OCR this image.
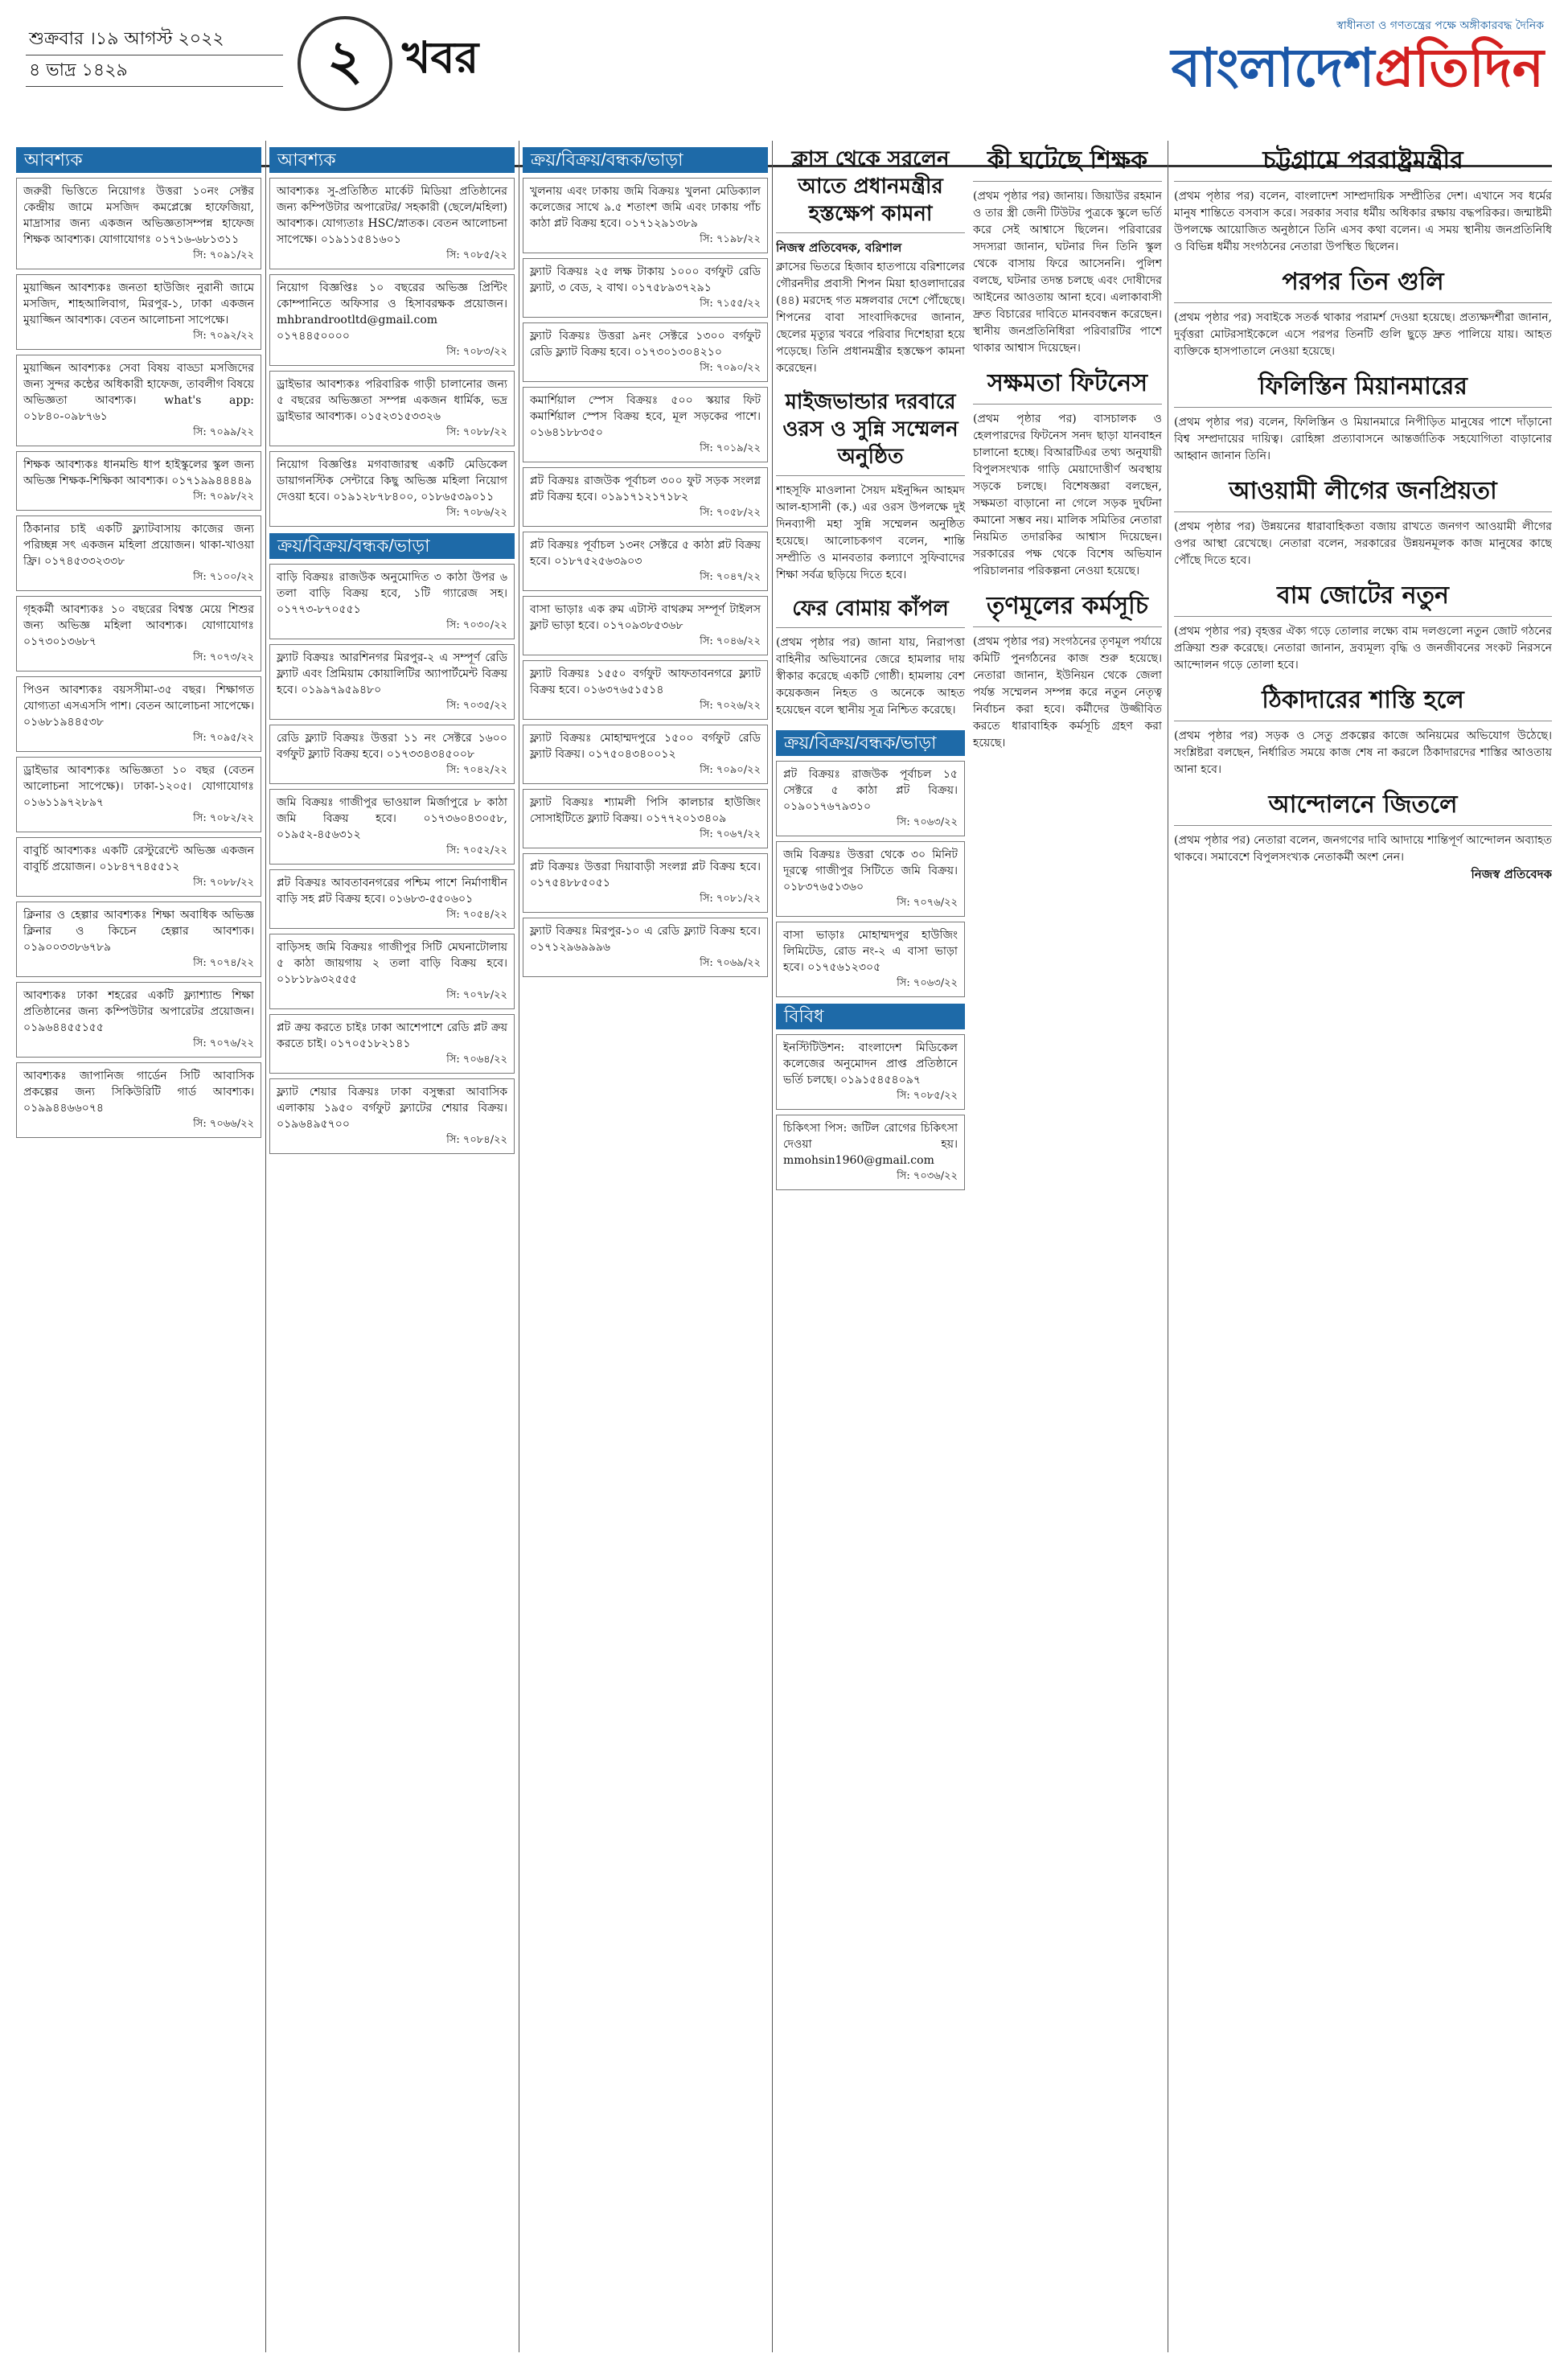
শুক্রবার ।১৯ আগস্ট ২০২২
৪ ভাদ্র ১৪২৯	২ খবর
স্বাধীনতা ও গণতন্ত্রের পক্ষে অঙ্গীকারবদ্ধ দৈনিক
বাংলাদেশপ্রতিদিন
আবশ্যক
জরুরী ভিত্তিতে নিয়োগঃ উত্তরা ১০নং সেক্টর কেন্দ্রীয় জামে মসজিদ কমপ্লেক্সে হাফেজিয়া, মাদ্রাসার জন্য একজন অভিজ্ঞতাসম্পন্ন হাফেজ শিক্ষক আবশ্যক। যোগাযোগঃ ০১৭১৬-৬৮১৩১১
সি: ৭০৯১/২২
মুয়াজ্জিন আবশ্যকঃ জনতা হাউজিং নুরানী জামে মসজিদ, শাহআলিবাগ, মিরপুর-১, ঢাকা একজন মুয়াজ্জিন আবশ্যক। বেতন আলোচনা সাপেক্ষে।
সি: ৭০৯২/২২
মুয়াজ্জিন আবশ্যকঃ সেবা বিষয় বাড্ডা মসজিদের জন্য সুন্দর কন্ঠের অধিকারী হাফেজ, তাবলীগ বিষয়ে অভিজ্ঞতা আবশ্যক। what's app: ০১৮৪০-০৯৮৭৬১
সি: ৭০৯৯/২২
শিক্ষক আবশ্যকঃ ধানমন্ডি ধাপ হাইস্কুলের স্কুল জন্য অভিজ্ঞ শিক্ষক-শিক্ষিকা আবশ্যক। ০১৭১৯৯৪৪৪৪৯
সি: ৭০৯৮/২২
ঠিকানার চাই একটি ফ্ল্যাটবাসায় কাজের জন্য পরিচ্ছন্ন সৎ একজন মহিলা প্রয়োজন। থাকা-খাওয়া ফ্রি। ০১৭৪৫৩৩২৩৩৮
সি: ৭১০০/২২
গৃহকর্মী আবশ্যকঃ ১০ বছরের বিশ্বস্ত মেয়ে শিশুর জন্য অভিজ্ঞ মহিলা আবশ্যক। যোগাযোগঃ ০১৭৩০১৩৬৮৭
সি: ৭০৭৩/২২
পিওন আবশ্যকঃ বয়সসীমা-৩৫ বছর। শিক্ষাগত যোগ্যতা এসএসসি পাশ। বেতন আলোচনা সাপেক্ষে। ০১৬৮১৯৪৪৫৩৮
সি: ৭০৯৫/২২
ড্রাইভার আবশ্যকঃ অভিজ্ঞতা ১০ বছর (বেতন আলোচনা সাপেক্ষে)। ঢাকা-১২০৫। যোগাযোগঃ ০১৬১১৯৭২৮৯৭
সি: ৭০৮২/২২
বাবুর্চি আবশ্যকঃ একটি রেস্টুরেন্টে অভিজ্ঞ একজন বাবুর্চি প্রয়োজন। ০১৮৪৭৭৪৫৫১২
সি: ৭০৮৮/২২
ক্লিনার ও হেল্পার আবশ্যকঃ শিক্ষা অবাধিক অভিজ্ঞ ক্লিনার ও কিচেন হেল্পার আবশ্যক। ০১৯০০৩৩৮৬৭৮৯
সি: ৭০৭৪/২২
আবশ্যকঃ ঢাকা শহরের একটি ফ্ল্যাশ্যান্ড শিক্ষা প্রতিষ্ঠানের জন্য কম্পিউটার অপারেটর প্রয়োজন। ০১৯৬৪৪৫৫১৫৫
সি: ৭০৭৬/২২
আবশ্যকঃ জাপানিজ গার্ডেন সিটি আবাসিক প্রকল্পের জন্য সিকিউরিটি গার্ড আবশ্যক। ০১৯৯৪৪৬৬০৭৪
সি: ৭০৬৬/২২
আবশ্যক
আবশ্যকঃ সু-প্রতিষ্ঠিত মার্কেট মিডিয়া প্রতিষ্ঠানের জন্য কম্পিউটার অপারেটর/ সহকারী (ছেলে/মহিলা) আবশ্যক। যোগ্যতাঃ HSC/স্নাতক। বেতন আলোচনা সাপেক্ষে। ০১৯১১৫৪১৬০১
সি: ৭০৮৫/২২
নিয়োগ বিজ্ঞপ্তিঃ ১০ বছরের অভিজ্ঞ প্রিন্টিং কোম্পানিতে অফিসার ও হিসাবরক্ষক প্রয়োজন। mhbrandrootltd@gmail.com ০১৭৪৪৫০০০০
সি: ৭০৮৩/২২
ড্রাইভার আবশ্যকঃ পরিবারিক গাড়ী চালানোর জন্য ৫ বছরের অভিজ্ঞতা সম্পন্ন একজন ধার্মিক, ভদ্র ড্রাইভার আবশ্যক। ০১৫২৩১৫৩৩২৬
সি: ৭০৮৮/২২
নিয়োগ বিজ্ঞপ্তিঃ মগবাজারস্থ একটি মেডিকেল ডায়াগনস্টিক সেন্টারে কিছু অভিজ্ঞ মহিলা নিয়োগ দেওয়া হবে। ০১৯১২৮৭৮৪০০, ০১৮৬৫৩৯০১১
সি: ৭০৮৬/২২
ক্রয়/বিক্রয়/বন্ধক/ভাড়া
বাড়ি বিক্রয়ঃ রাজউক অনুমোদিত ৩ কাঠা উপর ৬ তলা বাড়ি বিক্রয় হবে, ১টি গ্যারেজ সহ। ০১৭৭৩-৮৭০৫৫১
সি: ৭০৩০/২২
ফ্ল্যাট বিক্রয়ঃ আরশিনগর মিরপুর-২ এ সম্পূর্ণ রেডি ফ্ল্যাট এবং প্রিমিয়াম কোয়ালিটির অ্যাপার্টমেন্ট বিক্রয় হবে। ০১৯৯৭৯৫৯৪৮০
সি: ৭০৩৫/২২
রেডি ফ্ল্যাট বিক্রয়ঃ উত্তরা ১১ নং সেক্টরে ১৬০০ বর্গফুট ফ্ল্যাট বিক্রয় হবে। ০১৭৩৩৪৩৪৫০০৮
সি: ৭০৪২/২২
জমি বিক্রয়ঃ গাজীপুর ভাওয়াল মির্জাপুরে ৮ কাঠা জমি বিক্রয় হবে। ০১৭৩৬০৪৩০৫৮, ০১৯৫২-৪৫৬৩১২
সি: ৭০৫২/২২
প্লট বিক্রয়ঃ আবতাবনগরের পশ্চিম পাশে নির্মাণাধীন বাড়ি সহ প্লট বিক্রয় হবে। ০১৬৮৩-৫৫০৬০১
সি: ৭০৫৪/২২
বাড়িসহ জমি বিক্রয়ঃ গাজীপুর সিটি মেঘনাটোলায় ৫ কাঠা জায়গায় ২ তলা বাড়ি বিক্রয় হবে। ০১৮১৮৯৩২৫৫৫
সি: ৭০৭৮/২২
প্লট ক্রয় করতে চাইঃ ঢাকা আশেপাশে রেডি প্লট ক্রয় করতে চাই। ০১৭০৫১৮২১৪১
সি: ৭০৬৪/২২
ফ্ল্যাট শেয়ার বিক্রয়ঃ ঢাকা বসুন্ধরা আবাসিক এলাকায় ১৯৫০ বর্গফুট ফ্ল্যাটের শেয়ার বিক্রয়। ০১৯৬৪৯৫৭০০
সি: ৭০৮৪/২২
ক্রয়/বিক্রয়/বন্ধক/ভাড়া
খুলনায় এবং ঢাকায় জমি বিক্রয়ঃ খুলনা মেডিক্যাল কলেজের সাথে ৯.৫ শতাংশ জমি এবং ঢাকায় পাঁচ কাঠা প্লট বিক্রয় হবে। ০১৭১২৯১৩৮৯
সি: ৭১৯৮/২২
ফ্ল্যাট বিক্রয়ঃ ২৫ লক্ষ টাকায় ১০০০ বর্গফুট রেডি ফ্ল্যাট, ৩ বেড, ২ বাথ। ০১৭৫৮৯৩৭২৯১
সি: ৭১৫৫/২২
ফ্ল্যাট বিক্রয়ঃ উত্তরা ৯নং সেক্টরে ১৩০০ বর্গফুট রেডি ফ্ল্যাট বিক্রয় হবে। ০১৭৩০১৩০৪২১০
সি: ৭০৯০/২২
কমার্শিয়াল স্পেস বিক্রয়ঃ ৫০০ স্কয়ার ফিট কমার্শিয়াল স্পেস বিক্রয় হবে, মূল সড়কের পাশে। ০১৬৪১৮৮৩৫০
সি: ৭০১৯/২২
প্লট বিক্রয়ঃ রাজউক পূর্বাচল ৩০০ ফুট সড়ক সংলগ্ন প্লট বিক্রয় হবে। ০১৯১৭১২১৭১৮২
সি: ৭০৫৮/২২
প্লট বিক্রয়ঃ পূর্বাচল ১৩নং সেক্টরে ৫ কাঠা প্লট বিক্রয় হবে। ০১৮৭৫২৫৬৩৯০৩
সি: ৭০৪৭/২২
বাসা ভাড়াঃ এক রুম এটাস্ট বাথরুম সম্পূর্ণ টাইলস ফ্লাট ভাড়া হবে। ০১৭০৯৩৮৫৩৬৮
সি: ৭০৪৬/২২
ফ্ল্যাট বিক্রয়ঃ ১৫৫০ বর্গফুট আফতাবনগরে ফ্ল্যাট বিক্রয় হবে। ০১৬৩৭৬৫১৫১৪
সি: ৭০২৬/২২
ফ্ল্যাট বিক্রয়ঃ মোহাম্মদপুরে ১৫০০ বর্গফুট রেডি ফ্ল্যাট বিক্রয়। ০১৭৫০৪৩৪০০১২
সি: ৭০৯০/২২
ফ্ল্যাট বিক্রয়ঃ শ্যামলী পিসি কালচার হাউজিং সোসাইটিতে ফ্ল্যাট বিক্রয়। ০১৭৭২০১৩৪০৯
সি: ৭০৬৭/২২
প্লট বিক্রয়ঃ উত্তরা দিয়াবাড়ী সংলগ্ন প্লট বিক্রয় হবে। ০১৭৫৪৮৮৫০৫১
সি: ৭০৮১/২২
ফ্ল্যাট বিক্রয়ঃ মিরপুর-১০ এ রেডি ফ্ল্যাট বিক্রয় হবে। ০১৭১২৯৬৯৯৯৬
সি: ৭০৬৯/২২
ক্লাস থেকে সরলেন আতে প্রধানমন্ত্রীর হস্তক্ষেপ কামনা
নিজস্ব প্রতিবেদক, বরিশাল
ক্লাসের ভিতরে হিজাব হাতপায়ে বরিশালের গৌরনদীর প্রবাসী শিপন মিয়া হাওলাদারের (৪৪) মরদেহ গত মঙ্গলবার দেশে পৌঁছেছে। শিপনের বাবা সাংবাদিকদের জানান, ছেলের মৃত্যুর খবরে পরিবার দিশেহারা হয়ে পড়েছে। তিনি প্রধানমন্ত্রীর হস্তক্ষেপ কামনা করেছেন।
মাইজভান্ডার দরবারে ওরস ও সুন্নি সম্মেলন অনুষ্ঠিত
শাহসূফি মাওলানা সৈয়দ মইনুদ্দিন আহমদ আল-হাসানী (ক.) এর ওরস উপলক্ষে দুই দিনব্যাপী মহা সুন্নি সম্মেলন অনুষ্ঠিত হয়েছে। আলোচকগণ বলেন, শান্তি সম্প্রীতি ও মানবতার কল্যাণে সুফিবাদের শিক্ষা সর্বত্র ছড়িয়ে দিতে হবে।
ফের বোমায় কাঁপল
(প্রথম পৃষ্ঠার পর) জানা যায়, নিরাপত্তা বাহিনীর অভিযানের জেরে হামলার দায় স্বীকার করেছে একটি গোষ্ঠী। হামলায় বেশ কয়েকজন নিহত ও অনেকে আহত হয়েছেন বলে স্থানীয় সূত্র নিশ্চিত করেছে।
ক্রয়/বিক্রয়/বন্ধক/ভাড়া
প্লট বিক্রয়ঃ রাজউক পূর্বাচল ১৫ সেক্টরে ৫ কাঠা প্লট বিক্রয়। ০১৯০১৭৬৭৯৩১০
সি: ৭০৬৩/২২
জমি বিক্রয়ঃ উত্তরা থেকে ৩০ মিনিট দূরত্বে গাজীপুর সিটিতে জমি বিক্রয়। ০১৮৩৭৬৫১৩৬০
সি: ৭০৭৬/২২
বাসা ভাড়াঃ মোহাম্মদপুর হাউজিং লিমিটেড, রোড নং-২ এ বাসা ভাড়া হবে। ০১৭৫৬১২৩০৫
সি: ৭০৬৩/২২
বিবিধ
ইনস্টিটিউশন: বাংলাদেশ মিডিকেল কলেজের অনুমোদন প্রাপ্ত প্রতিষ্ঠানে ভর্তি চলছে। ০১৯১৫৪৫৪০৯৭
সি: ৭০৮৫/২২
চিকিৎসা পিস: জটিল রোগের চিকিৎসা দেওয়া হয়। mmohsin1960@gmail.com
সি: ৭০৩৬/২২
কী ঘটেছে শিক্ষক
(প্রথম পৃষ্ঠার পর) জানায়। জিয়াউর রহমান ও তার স্ত্রী জেনী টিউটর পুত্রকে স্কুলে ভর্তি করে সেই আশ্বাসে ছিলেন। পরিবারের সদস্যরা জানান, ঘটনার দিন তিনি স্কুল থেকে বাসায় ফিরে আসেননি। পুলিশ বলছে, ঘটনার তদন্ত চলছে এবং দোষীদের আইনের আওতায় আনা হবে। এলাকাবাসী দ্রুত বিচারের দাবিতে মানববন্ধন করেছেন। স্থানীয় জনপ্রতিনিধিরা পরিবারটির পাশে থাকার আশ্বাস দিয়েছেন।
সক্ষমতা ফিটনেস
(প্রথম পৃষ্ঠার পর) বাসচালক ও হেলপারদের ফিটনেস সনদ ছাড়া যানবাহন চালানো হচ্ছে। বিআরটিএর তথ্য অনুযায়ী বিপুলসংখ্যক গাড়ি মেয়াদোত্তীর্ণ অবস্থায় সড়কে চলছে। বিশেষজ্ঞরা বলছেন, সক্ষমতা বাড়ানো না গেলে সড়ক দুর্ঘটনা কমানো সম্ভব নয়। মালিক সমিতির নেতারা নিয়মিত তদারকির আশ্বাস দিয়েছেন। সরকারের পক্ষ থেকে বিশেষ অভিযান পরিচালনার পরিকল্পনা নেওয়া হয়েছে।
তৃণমূলের কর্মসূচি
(প্রথম পৃষ্ঠার পর) সংগঠনের তৃণমূল পর্যায়ে কমিটি পুনর্গঠনের কাজ শুরু হয়েছে। নেতারা জানান, ইউনিয়ন থেকে জেলা পর্যন্ত সম্মেলন সম্পন্ন করে নতুন নেতৃত্ব নির্বাচন করা হবে। কর্মীদের উজ্জীবিত করতে ধারাবাহিক কর্মসূচি গ্রহণ করা হয়েছে।
চট্টগ্রামে পররাষ্ট্রমন্ত্রীর
(প্রথম পৃষ্ঠার পর) বলেন, বাংলাদেশ সাম্প্রদায়িক সম্প্রীতির দেশ। এখানে সব ধর্মের মানুষ শান্তিতে বসবাস করে। সরকার সবার ধর্মীয় অধিকার রক্ষায় বদ্ধপরিকর। জন্মাষ্টমী উপলক্ষে আয়োজিত অনুষ্ঠানে তিনি এসব কথা বলেন। এ সময় স্থানীয় জনপ্রতিনিধি ও বিভিন্ন ধর্মীয় সংগঠনের নেতারা উপস্থিত ছিলেন।
পরপর তিন গুলি
(প্রথম পৃষ্ঠার পর) সবাইকে সতর্ক থাকার পরামর্শ দেওয়া হয়েছে। প্রত্যক্ষদর্শীরা জানান, দুর্বৃত্তরা মোটরসাইকেলে এসে পরপর তিনটি গুলি ছুড়ে দ্রুত পালিয়ে যায়। আহত ব্যক্তিকে হাসপাতালে নেওয়া হয়েছে।
ফিলিস্তিন মিয়ানমারের
(প্রথম পৃষ্ঠার পর) বলেন, ফিলিস্তিন ও মিয়ানমারে নিপীড়িত মানুষের পাশে দাঁড়ানো বিশ্ব সম্প্রদায়ের দায়িত্ব। রোহিঙ্গা প্রত্যাবাসনে আন্তর্জাতিক সহযোগিতা বাড়ানোর আহ্বান জানান তিনি।
আওয়ামী লীগের জনপ্রিয়তা
(প্রথম পৃষ্ঠার পর) উন্নয়নের ধারাবাহিকতা বজায় রাখতে জনগণ আওয়ামী লীগের ওপর আস্থা রেখেছে। নেতারা বলেন, সরকারের উন্নয়নমূলক কাজ মানুষের কাছে পৌঁছে দিতে হবে।
বাম জোটের নতুন
(প্রথম পৃষ্ঠার পর) বৃহত্তর ঐক্য গড়ে তোলার লক্ষ্যে বাম দলগুলো নতুন জোট গঠনের প্রক্রিয়া শুরু করেছে। নেতারা জানান, দ্রব্যমূল্য বৃদ্ধি ও জনজীবনের সংকট নিরসনে আন্দোলন গড়ে তোলা হবে।
ঠিকাদারের শাস্তি হলে
(প্রথম পৃষ্ঠার পর) সড়ক ও সেতু প্রকল্পের কাজে অনিয়মের অভিযোগ উঠেছে। সংশ্লিষ্টরা বলছেন, নির্ধারিত সময়ে কাজ শেষ না করলে ঠিকাদারদের শাস্তির আওতায় আনা হবে।
আন্দোলনে জিতলে
(প্রথম পৃষ্ঠার পর) নেতারা বলেন, জনগণের দাবি আদায়ে শান্তিপূর্ণ আন্দোলন অব্যাহত থাকবে। সমাবেশে বিপুলসংখ্যক নেতাকর্মী অংশ নেন।
নিজস্ব প্রতিবেদক
